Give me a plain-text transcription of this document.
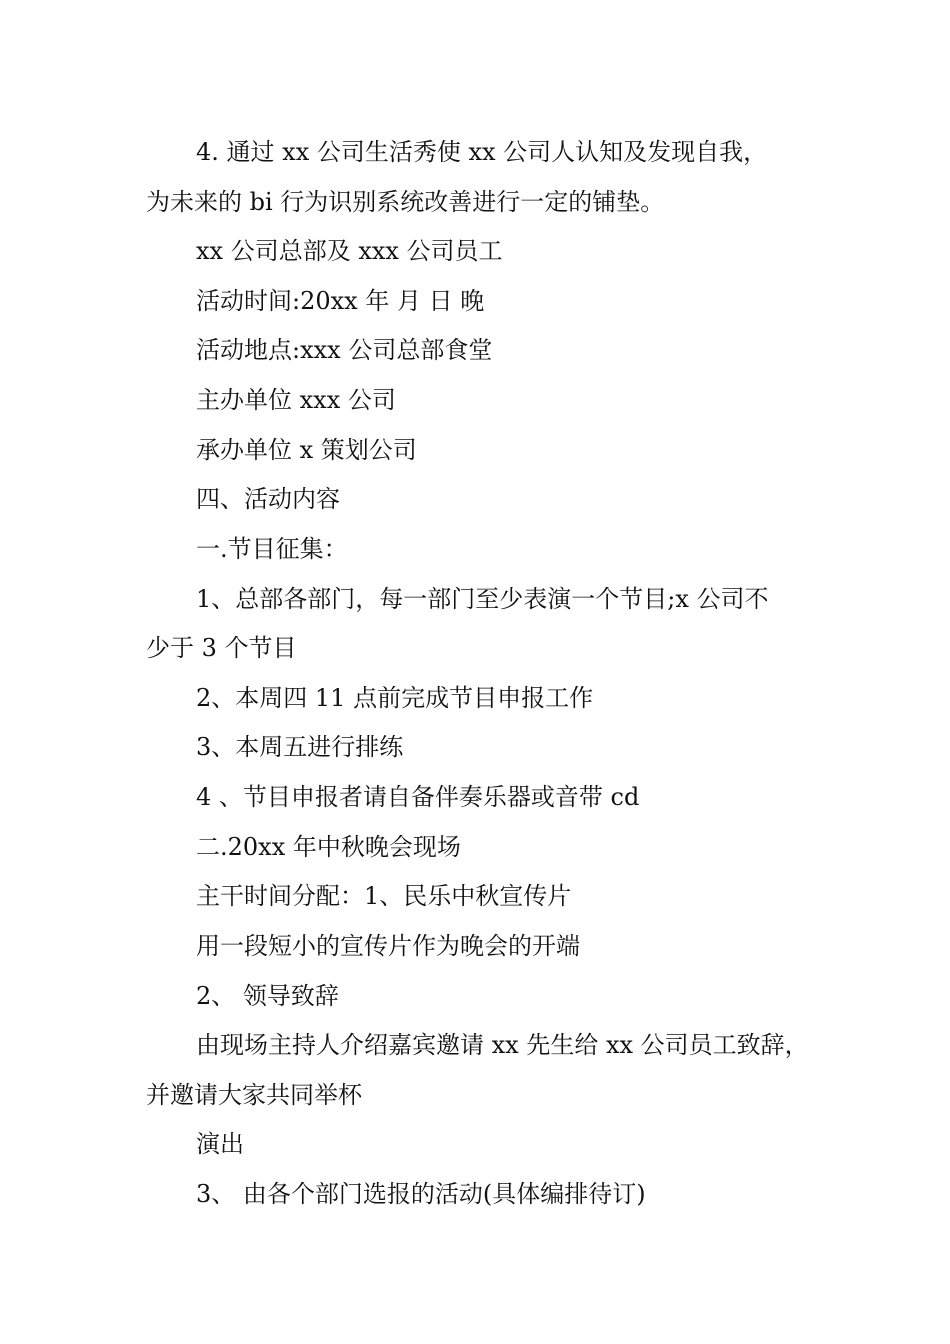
4. 通过 xx 公司生活秀使 xx 公司人认知及发现自我，
为未来的 bi 行为识别系统改善进行一定的铺垫。
xx 公司总部及 xxx 公司员工
活动时间:20xx 年 月 日 晚
活动地点:xxx 公司总部食堂
主办单位 xxx 公司
承办单位 x 策划公司
四、活动内容
一.节目征集：
1、总部各部门，每一部门至少表演一个节目;x 公司不
少于 3 个节目
2、本周四 11 点前完成节目申报工作
3、本周五进行排练
4 、节目申报者请自备伴奏乐器或音带 cd
二.20xx 年中秋晚会现场
主干时间分配：1、民乐中秋宣传片
用一段短小的宣传片作为晚会的开端
2、 领导致辞
由现场主持人介绍嘉宾邀请 xx 先生给 xx 公司员工致辞，
并邀请大家共同举杯
演出
3、 由各个部门选报的活动(具体编排待订)
